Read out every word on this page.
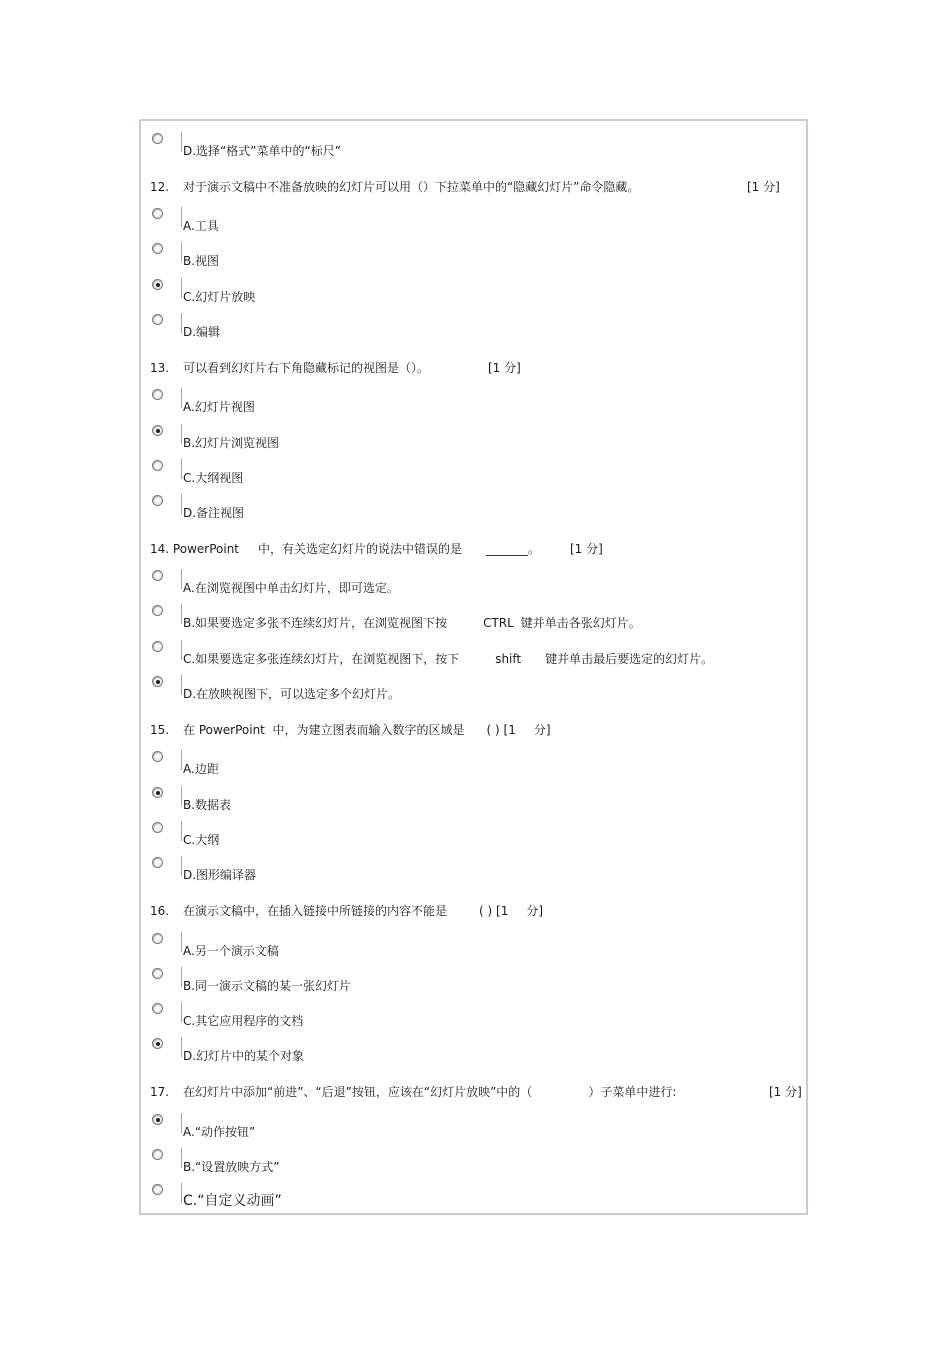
D.选择“格式”菜单中的“标尺”
12. 对于演示文稿中不准备放映的幻灯片可以用（）下拉菜单中的“隐藏幻灯片”命令隐藏。	[1 分]
A.工具
B.视图
C.幻灯片放映
D.编辑
13. 可以看到幻灯片右下角隐藏标记的视图是（）。	[1 分]
A.幻灯片视图
B.幻灯片浏览视图
C.大纲视图
D.备注视图
14. PowerPoint 中，有关选定幻灯片的说法中错误的是 _______。 [1 分]
A.在浏览视图中单击幻灯片，即可选定。
B.如果要选定多张不连续幻灯片，在浏览视图下按	CTRL 键并单击各张幻灯片。
C.如果要选定多张连续幻灯片，在浏览视图下，按下	shift 键并单击最后要选定的幻灯片。
D.在放映视图下，可以选定多个幻灯片。
15. 在 PowerPoint  中，为建立图表而输入数字的区域是 ( ) [1 分]
A.边距
B.数据表
C.大纲
D.图形编译器
16. 在演示文稿中，在插入链接中所链接的内容不能是	( ) [1 分]
A.另一个演示文稿
B.同一演示文稿的某一张幻灯片
C.其它应用程序的文档
D.幻灯片中的某个对象
17. 在幻灯片中添加“前进”、“后退”按钮，应该在“幻灯片放映”中的（	）子菜单中进行:	[1 分]
A.“动作按钮”
B.“设置放映方式”
C.“自定义动画”
